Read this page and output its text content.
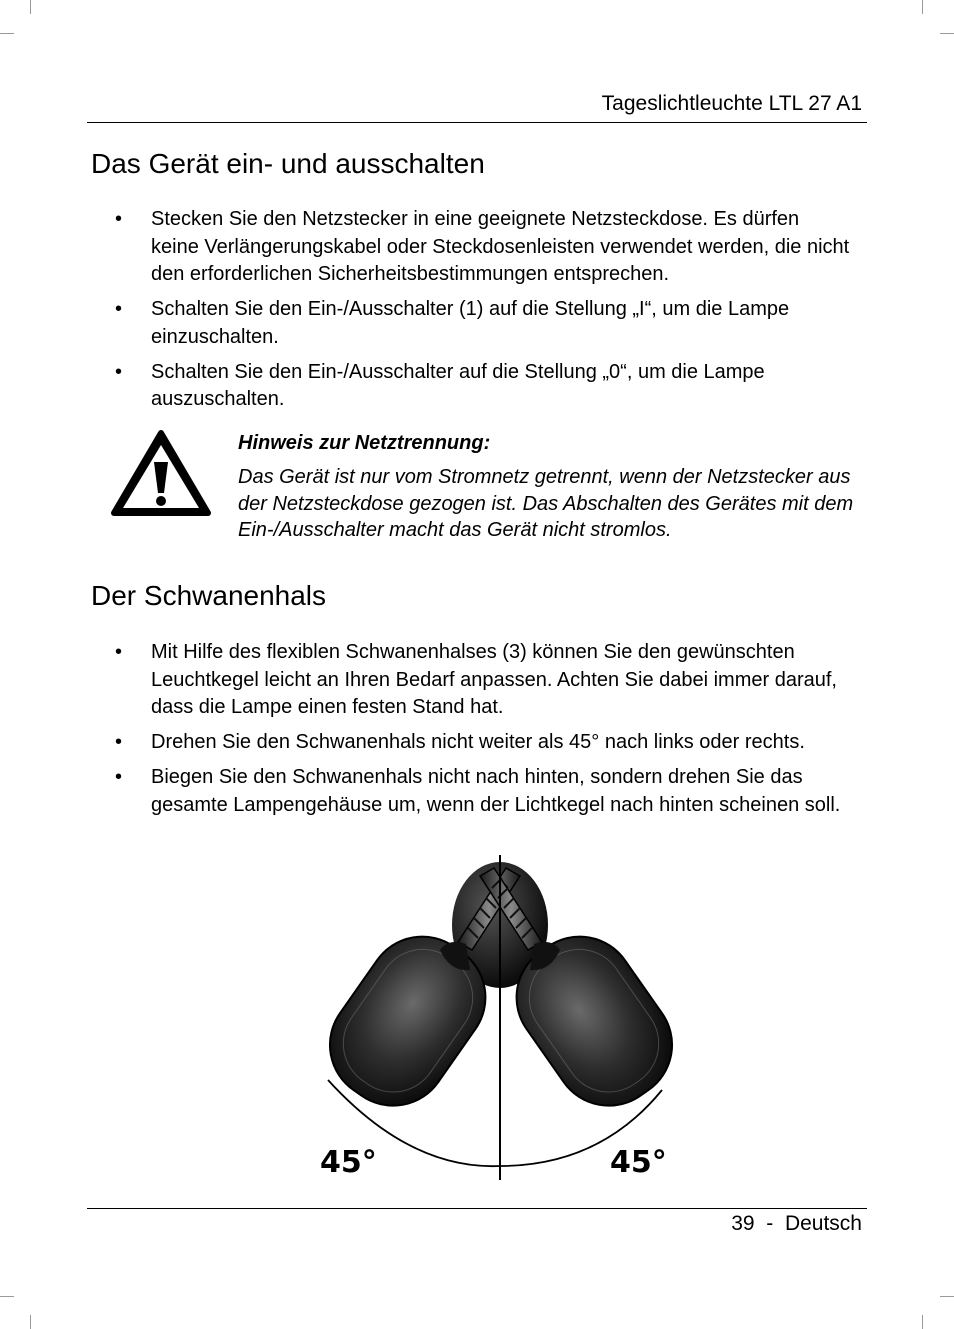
Tageslichtleuchte LTL 27 A1
Das Gerät ein- und ausschalten
• Stecken Sie den Netzstecker in eine geeignete Netzsteckdose. Es dürfen keine Verlängerungskabel oder Steckdosenleisten verwendet werden, die nicht den erforderlichen Sicherheitsbestimmungen entsprechen.
• Schalten Sie den Ein-/Ausschalter (1) auf die Stellung „I“, um die Lampe einzuschalten.
• Schalten Sie den Ein-/Ausschalter auf die Stellung „0“, um die Lampe auszuschalten.
Hinweis zur Netztrennung:
Das Gerät ist nur vom Stromnetz getrennt, wenn der Netzstecker aus der Netzsteckdose gezogen ist. Das Abschalten des Gerätes mit dem Ein-/Ausschalter macht das Gerät nicht stromlos.
Der Schwanenhals
• Mit Hilfe des flexiblen Schwanenhalses (3) können Sie den gewünschten Leuchtkegel leicht an Ihren Bedarf anpassen. Achten Sie dabei immer darauf, dass die Lampe einen festen Stand hat.
• Drehen Sie den Schwanenhals nicht weiter als 45° nach links oder rechts.
• Biegen Sie den Schwanenhals nicht nach hinten, sondern drehen Sie das gesamte Lampengehäuse um, wenn der Lichtkegel nach hinten scheinen soll.
45°	45°
39 - Deutsch
